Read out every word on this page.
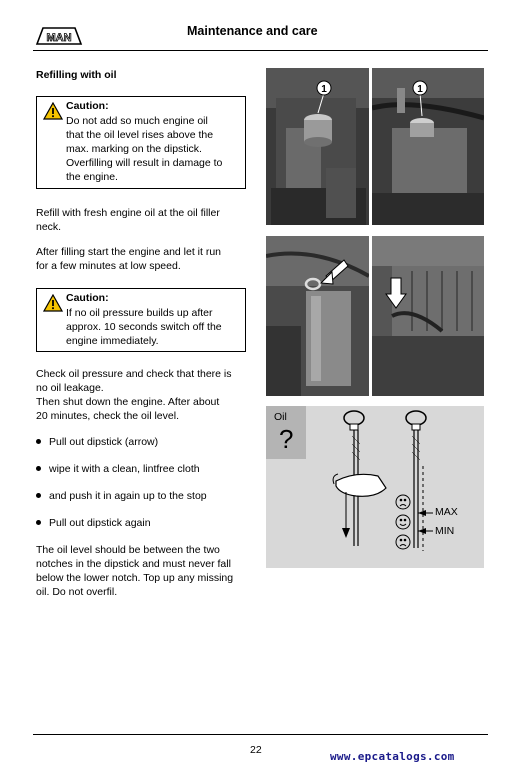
MAN	Maintenance and care
Refilling with oil
Caution:
Do not add so much engine oil
that the oil level rises above the
max. marking on the dipstick.
Overfilling will result in damage to
the engine.
Refill with fresh engine oil at the oil filler
neck.
After filling start the engine and let it run
for a few minutes at low speed.
Caution:
If no oil pressure builds up after
approx. 10 seconds switch off the
engine immediately.
Check oil pressure and check that there is
no oil leakage.
Then shut down the engine. After about
20 minutes, check the oil level.
Pull out dipstick (arrow)
wipe it with a clean, lintfree cloth
and push it in again up to the stop
Pull out dipstick again
The oil level should be between the two
notches in the dipstick and must never fall
below the lower notch. Top up any missing
oil. Do not overfil.
1	1
Oil
?
MAX
MIN
22	www.epcatalogs.com
